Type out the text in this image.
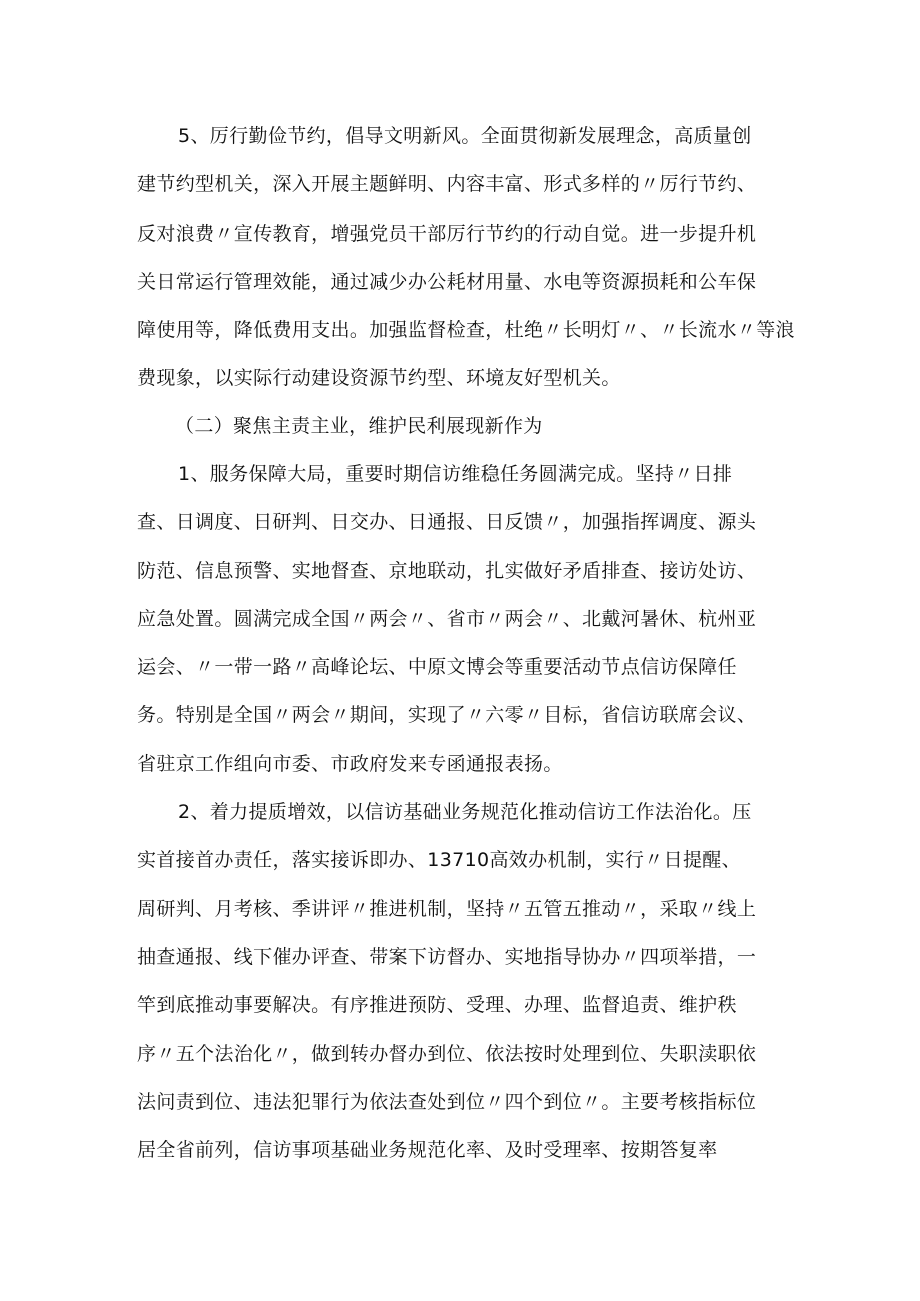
5、厉行勤俭节约，倡导文明新风。全面贯彻新发展理念，高质量创
建节约型机关，深入开展主题鲜明、内容丰富、形式多样的〃厉行节约、
反对浪费〃宣传教育，增强党员干部厉行节约的行动自觉。进一步提升机
关日常运行管理效能，通过减少办公耗材用量、水电等资源损耗和公车保
障使用等，降低费用支出。加强监督检查，杜绝〃长明灯〃、〃长流水〃等浪
费现象，以实际行动建设资源节约型、环境友好型机关。
（二）聚焦主责主业，维护民利展现新作为
1、服务保障大局，重要时期信访维稳任务圆满完成。坚持〃日排
查、日调度、日研判、日交办、日通报、日反馈〃，加强指挥调度、源头
防范、信息预警、实地督查、京地联动，扎实做好矛盾排查、接访处访、
应急处置。圆满完成全国〃两会〃、省市〃两会〃、北戴河暑休、杭州亚
运会、〃一带一路〃高峰论坛、中原文博会等重要活动节点信访保障任
务。特别是全国〃两会〃期间，实现了〃六零〃目标，省信访联席会议、
省驻京工作组向市委、市政府发来专函通报表扬。
2、着力提质增效，以信访基础业务规范化推动信访工作法治化。压
实首接首办责任，落实接诉即办、13710高效办机制，实行〃日提醒、
周研判、月考核、季讲评〃推进机制，坚持〃五管五推动〃，采取〃线上
抽查通报、线下催办评查、带案下访督办、实地指导协办〃四项举措，一
竿到底推动事要解决。有序推进预防、受理、办理、监督追责、维护秩
序〃五个法治化〃，做到转办督办到位、依法按时处理到位、失职渎职依
法问责到位、违法犯罪行为依法查处到位〃四个到位〃。主要考核指标位
居全省前列，信访事项基础业务规范化率、及时受理率、按期答复率
